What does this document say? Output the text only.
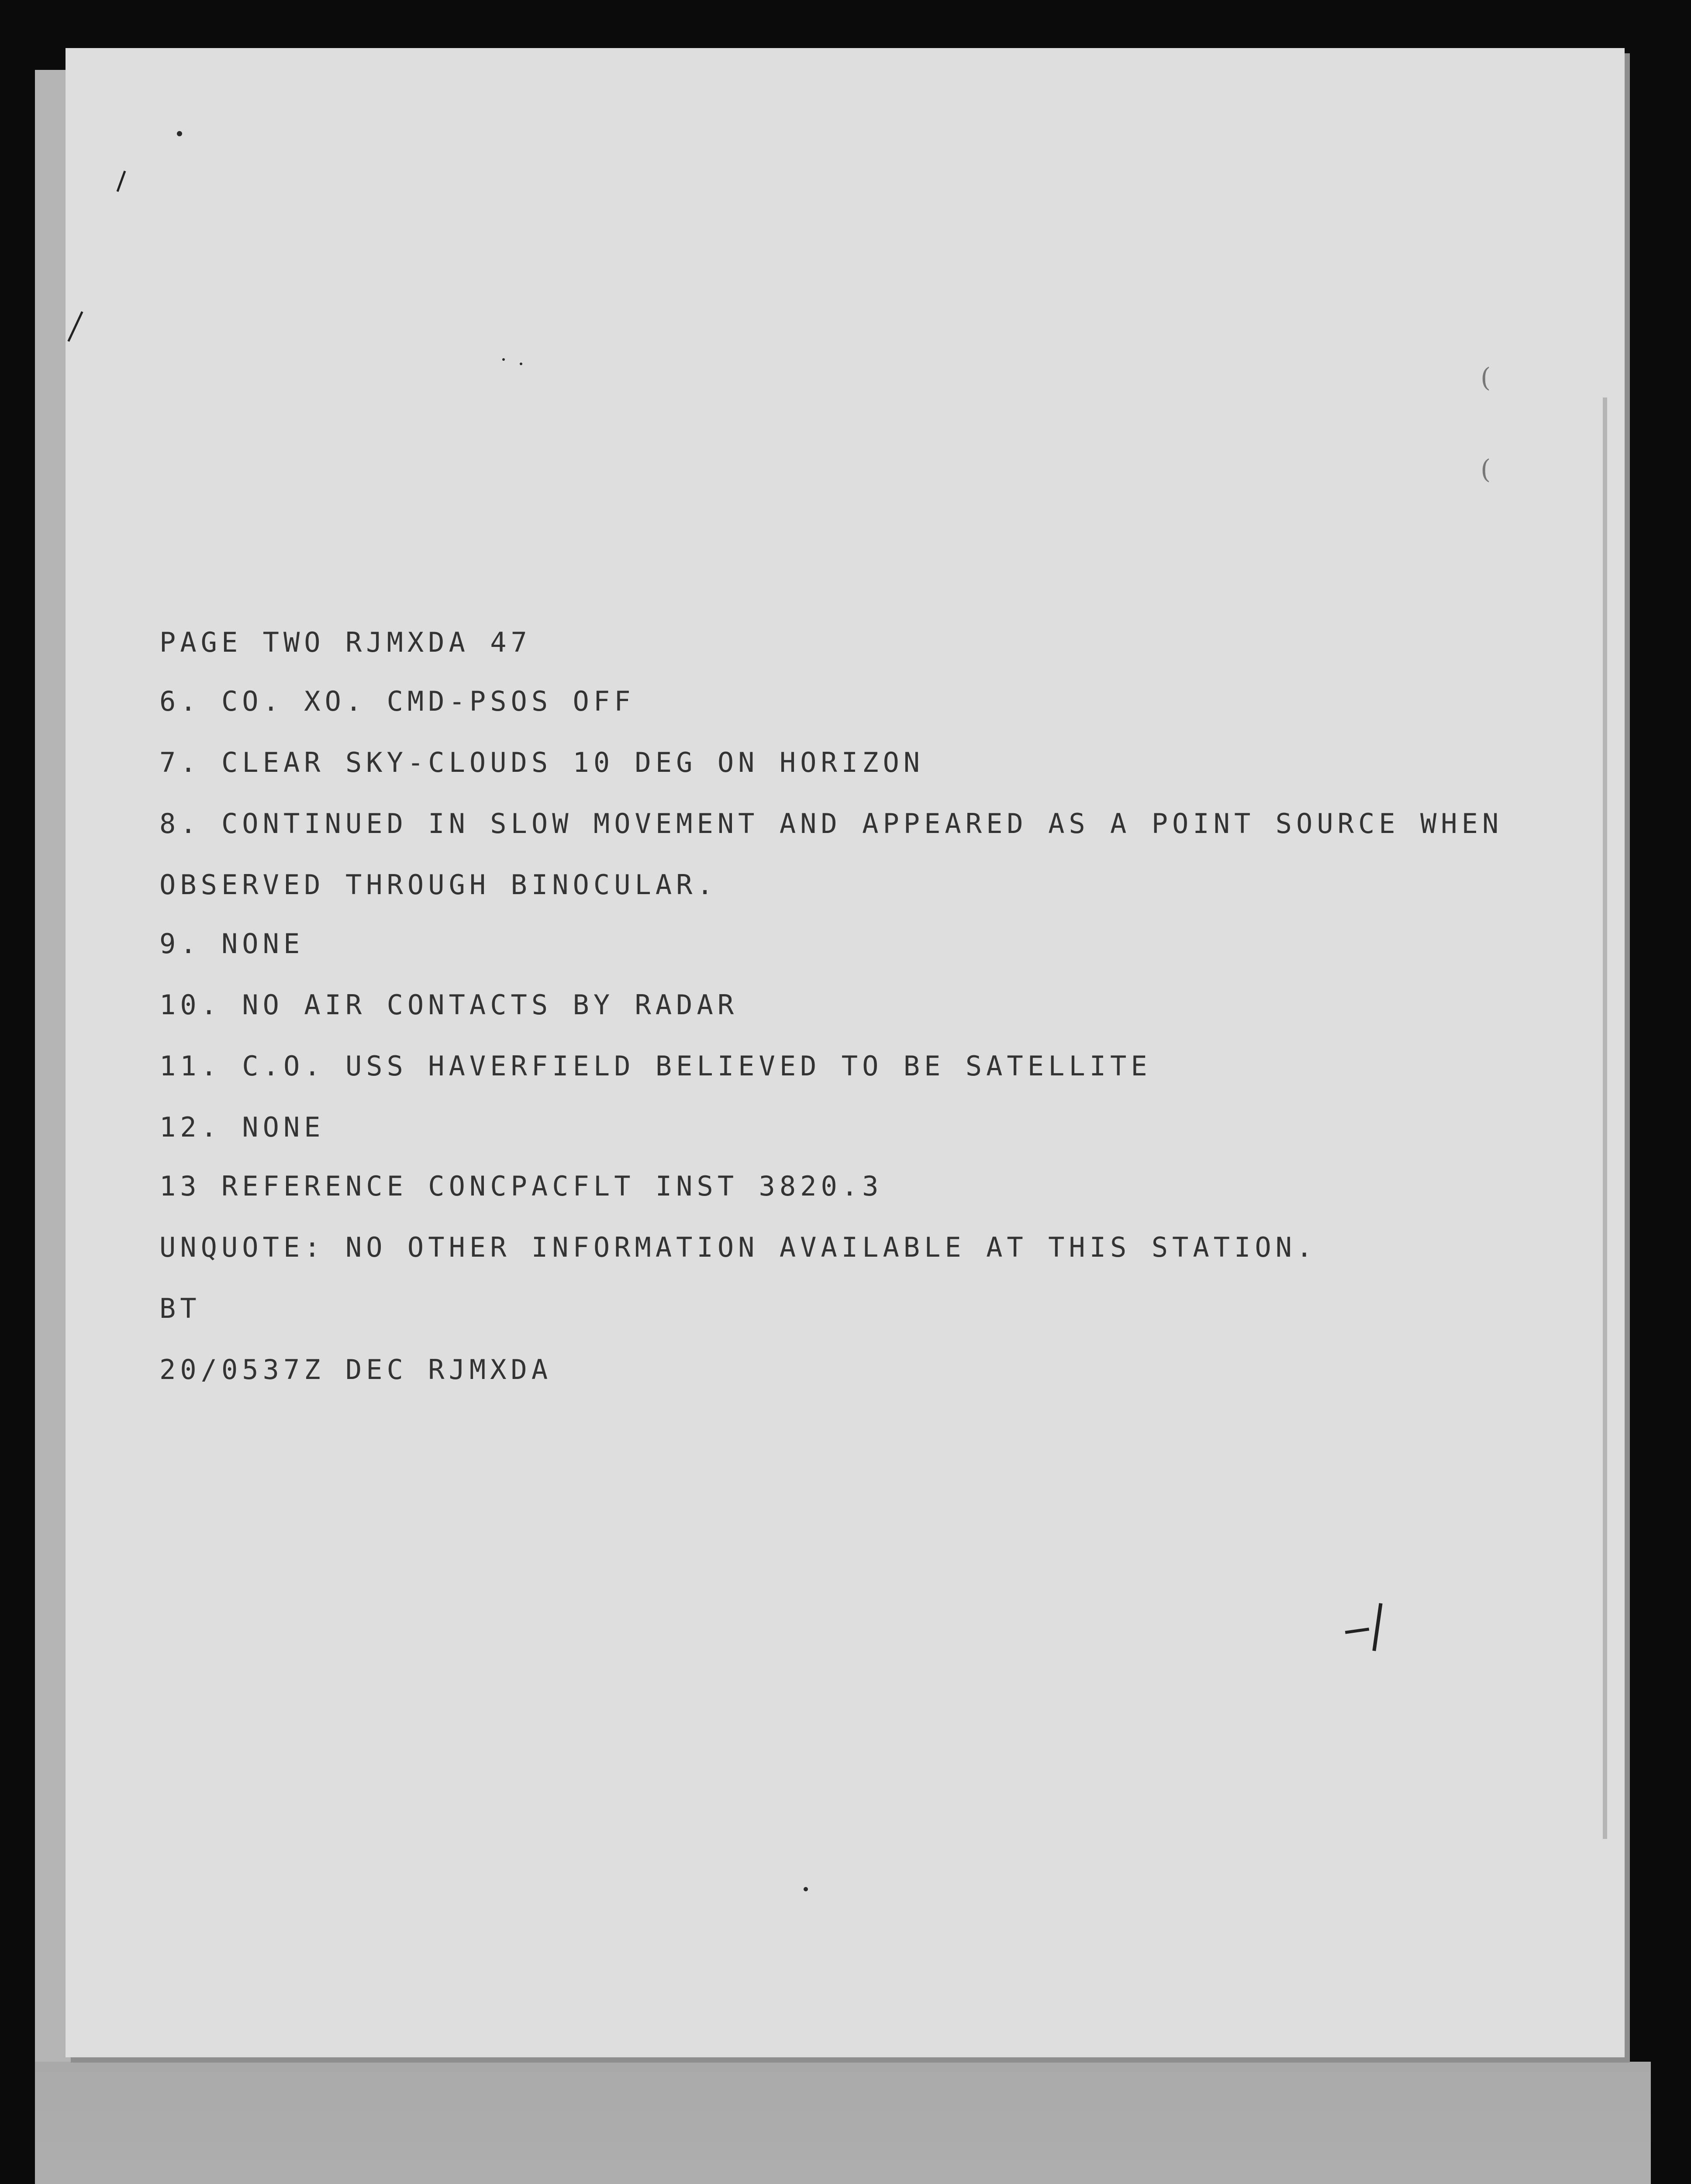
(
(

PAGE TWO RJMXDA 47

6. CO. XO. CMD-PSOS OFF

7. CLEAR SKY-CLOUDS 10 DEG ON HORIZON

8. CONTINUED IN SLOW MOVEMENT AND APPEARED AS A POINT SOURCE WHEN

OBSERVED THROUGH BINOCULAR.

9. NONE

10. NO AIR CONTACTS BY RADAR

11. C.O. USS HAVERFIELD BELIEVED TO BE SATELLITE

12. NONE

13 REFERENCE CONCPACFLT INST 3820.3

UNQUOTE: NO OTHER INFORMATION AVAILABLE AT THIS STATION.

BT

20/0537Z DEC RJMXDA
